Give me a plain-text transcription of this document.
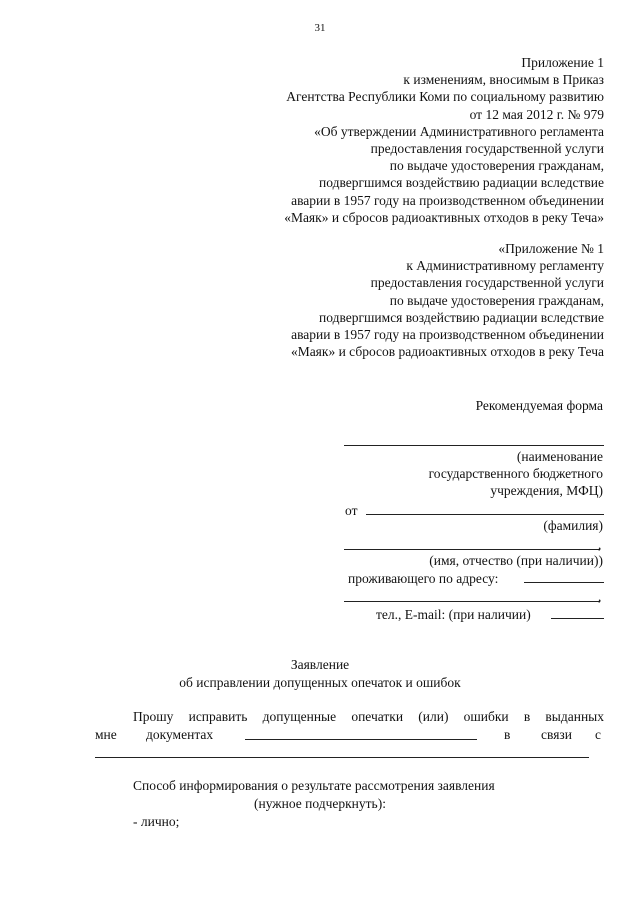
31
Приложение 1
к изменениям, вносимым в Приказ
Агентства Республики Коми по социальному развитию
от 12 мая 2012 г. № 979
«Об утверждении Административного регламента
предоставления государственной услуги
по выдаче удостоверения гражданам,
подвергшимся воздействию радиации вследствие
аварии в 1957 году на производственном объединении
«Маяк» и сбросов радиоактивных отходов в реку Теча»
«Приложение № 1
к Административному регламенту
предоставления государственной услуги
по выдаче удостоверения гражданам,
подвергшимся воздействию радиации вследствие
аварии в 1957 году на производственном объединении
«Маяк» и сбросов радиоактивных отходов в реку Теча
Рекомендуемая форма
(наименование
государственного бюджетного
учреждения, МФЦ)
от
(фамилия)
,
(имя, отчество (при наличии))
проживающего по адресу:
,
тел., E-mail: (при наличии)
Заявление
об исправлении допущенных опечаток и ошибок
Прошу исправить допущенные опечатки (или) ошибки в выданных
мне документах	в связи с
Способ информирования о результате рассмотрения заявления
(нужное подчеркнуть):
- лично;
